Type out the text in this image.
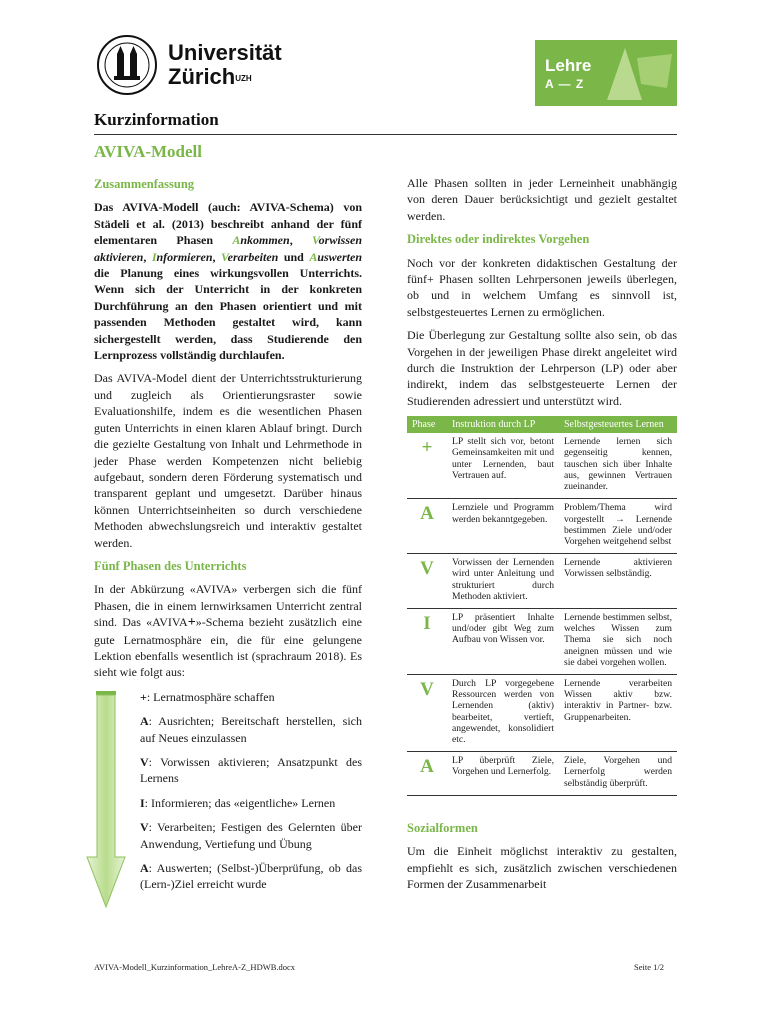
Universität
Zürich$^{UZH}$
Lehre
A — Z
Kurzinformation
AVIVA-Modell
Zusammenfassung

Das AVIVA-Modell (auch: AVIVA-Schema) von Städeli et al. (2013) beschreibt anhand der fünf elementaren Phasen Ankommen, Vorwissen aktivieren, Informieren, Verarbeiten und Auswerten die Planung eines wirkungsvollen Unterrichts. Wenn sich der Unterricht in der konkreten Durchführung an den Phasen orientiert und mit passenden Methoden gestaltet wird, kann sichergestellt werden, dass Studierende den Lernprozess vollständig durchlaufen.

Das AVIVA-Model dient der Unterrichtsstrukturierung und zugleich als Orientierungsraster sowie Evaluationshilfe, indem es die wesentlichen Phasen guten Unterrichts in einen klaren Ablauf bringt. Durch die gezielte Gestaltung von Inhalt und Lehrmethode in jeder Phase werden Kompetenzen nicht beliebig aufgebaut, sondern deren Förderung systematisch und transparent geplant und umgesetzt. Darüber hinaus können Unterrichtseinheiten so durch verschiedene Methoden abwechslungsreich und interaktiv gestaltet werden.

Fünf Phasen des Unterrichts

In der Abkürzung «AVIVA» verbergen sich die fünf Phasen, die in einem lernwirksamen Unterricht zentral sind. Das «AVIVA+»-Schema bezieht zusätzlich eine gute Lernatmosphäre ein, die für eine gelungene Lektion ebenfalls wesentlich ist (sprachraum 2018). Es sieht wie folgt aus:

+: Lernatmosphäre schaffen
A: Ausrichten; Bereitschaft herstellen, sich auf Neues einzulassen
V: Vorwissen aktivieren; Ansatzpunkt des Lernens
I: Informieren; das «eigentliche» Lernen
V: Verarbeiten; Festigen des Gelernten über Anwendung, Vertiefung und Übung
A: Auswerten; (Selbst-)Überprüfung, ob das (Lern-)Ziel erreicht wurde

Alle Phasen sollten in jeder Lerneinheit unabhängig von deren Dauer berücksichtigt und gezielt gestaltet werden.

Direktes oder indirektes Vorgehen

Noch vor der konkreten didaktischen Gestaltung der fünf+ Phasen sollten Lehrpersonen jeweils überlegen, ob und in welchem Umfang es sinnvoll ist, selbstgesteuertes Lernen zu ermöglichen.

Die Überlegung zur Gestaltung sollte also sein, ob das Vorgehen in der jeweiligen Phase direkt angeleitet wird durch die Instruktion der Lehrperson (LP) oder aber indirekt, indem das selbstgesteuerte Lernen der Studierenden adressiert und unterstützt wird.

Phase	Instruktion durch LP	Selbstgesteuertes Lernen
+	LP stellt sich vor, betont Gemeinsamkeiten mit und unter Lernenden, baut Vertrauen auf.	Lernende lernen sich gegenseitig kennen, tauschen sich über Inhalte aus, gewinnen Vertrauen zueinander.
A	Lernziele und Programm werden bekanntgegeben.	Problem/Thema wird vorgestellt → Lernende bestimmen Ziele und/oder Vorgehen weitgehend selbst
V	Vorwissen der Lernenden wird unter Anleitung und strukturiert durch Methoden aktiviert.	Lernende aktivieren Vorwissen selbständig.
I	LP präsentiert Inhalte und/oder gibt Weg zum Aufbau von Wissen vor.	Lernende bestimmen selbst, welches Wissen zum Thema sie sich noch aneignen müssen und wie sie dabei vorgehen wollen.
V	Durch LP vorgegebene Ressourcen werden von Lernenden (aktiv) bearbeitet, vertieft, angewendet, konsolidiert etc.	Lernende verarbeiten Wissen aktiv bzw. interaktiv in Partner- bzw. Gruppenarbeiten.
A	LP überprüft Ziele, Vorgehen und Lernerfolg.	Ziele, Vorgehen und Lernerfolg werden selbständig überprüft.
Sozialformen

Um die Einheit möglichst interaktiv zu gestalten, empfiehlt es sich, zusätzlich zwischen verschiedenen Formen der Zusammenarbeit

AVIVA-Modell_Kurzinformation_LehreA-Z_HDWB.docx	Seite 1/2
